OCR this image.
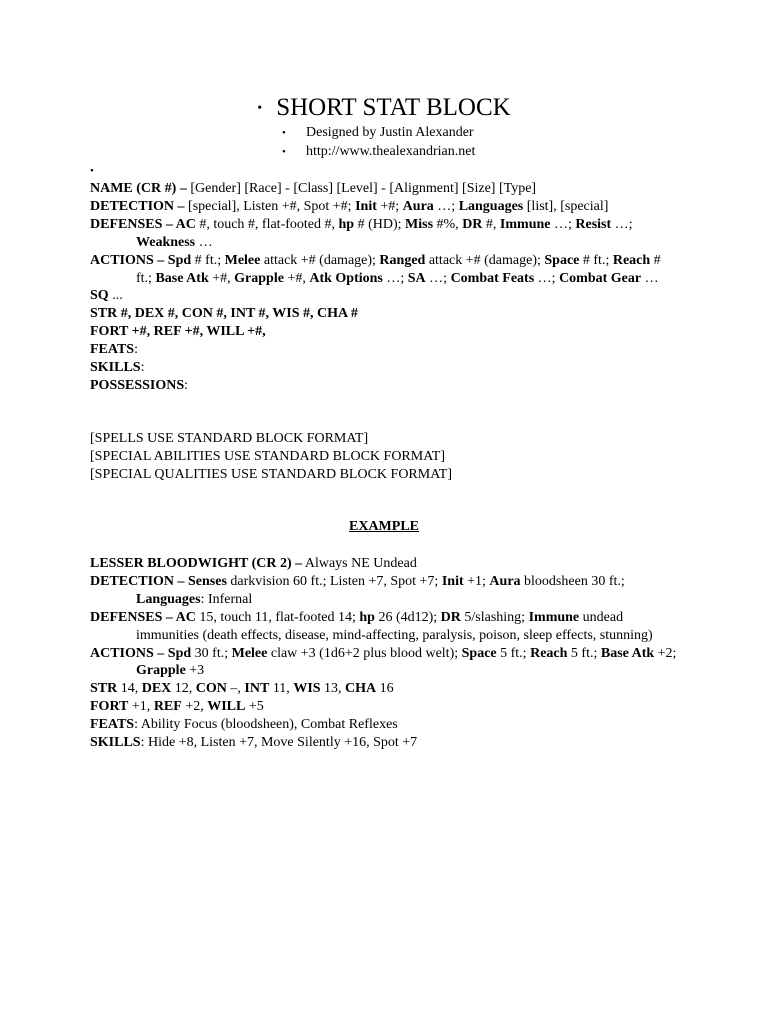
• SHORT STAT BLOCK
• Designed by Justin Alexander
• http://www.thealexandrian.net
•
NAME (CR #) – [Gender] [Race] - [Class] [Level] - [Alignment] [Size] [Type]
DETECTION – [special], Listen +#, Spot +#; Init +#; Aura …; Languages [list], [special]
DEFENSES – AC #, touch #, flat-footed #, hp # (HD); Miss #%, DR #, Immune …; Resist …; Weakness …
ACTIONS – Spd # ft.; Melee attack +# (damage); Ranged attack +# (damage); Space # ft.; Reach # ft.; Base Atk +#, Grapple +#, Atk Options …; SA …; Combat Feats …; Combat Gear …
SQ ...
STR #, DEX #, CON #, INT #, WIS #, CHA #
FORT +#, REF +#, WILL +#,
FEATS:
SKILLS:
POSSESSIONS:
[SPELLS USE STANDARD BLOCK FORMAT]
[SPECIAL ABILITIES USE STANDARD BLOCK FORMAT]
[SPECIAL QUALITIES USE STANDARD BLOCK FORMAT]
EXAMPLE
LESSER BLOODWIGHT (CR 2) – Always NE Undead
DETECTION – Senses darkvision 60 ft.; Listen +7, Spot +7; Init +1; Aura bloodsheen 30 ft.; Languages: Infernal
DEFENSES – AC 15, touch 11, flat-footed 14; hp 26 (4d12); DR 5/slashing; Immune undead immunities (death effects, disease, mind-affecting, paralysis, poison, sleep effects, stunning)
ACTIONS – Spd 30 ft.; Melee claw +3 (1d6+2 plus blood welt); Space 5 ft.; Reach 5 ft.; Base Atk +2; Grapple +3
STR 14, DEX 12, CON –, INT 11, WIS 13, CHA 16
FORT +1, REF +2, WILL +5
FEATS: Ability Focus (bloodsheen), Combat Reflexes
SKILLS: Hide +8, Listen +7, Move Silently +16, Spot +7
